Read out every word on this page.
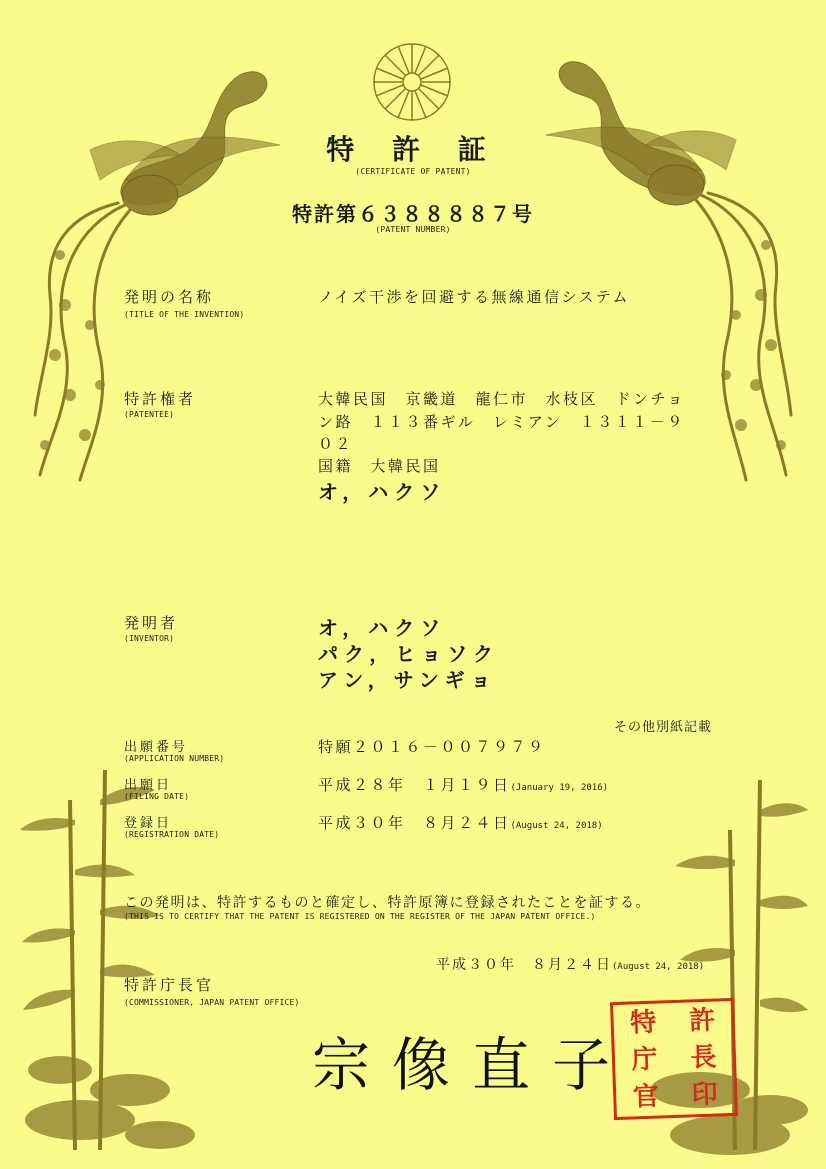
特 許 証
(CERTIFICATE OF PATENT)
特許第６３８８８８７号
(PATENT NUMBER)
発明の名称
(TITLE OF THE INVENTION)
ノイズ干渉を回避する無線通信システム
特許権者
(PATENTEE)
大韓民国　京畿道　龍仁市　水枝区　ドンチョ
ン路　１１３番ギル　レミアン　１３１１－９
０２
国籍　大韓民国
オ，ハクソ
発明者
(INVENTOR)	オ，ハクソ
パク，ヒョソク
アン，サンギョ
その他別紙記載
出願番号
(APPLICATION NUMBER)
特願２０１６－００７９７９
出願日
(FILING DATE)
平成２８年　１月１９日(January 19, 2016)
登録日
(REGISTRATION DATE)
平成３０年　８月２４日(August 24, 2018)
この発明は、特許するものと確定し、特許原簿に登録されたことを証する。
(THIS IS TO CERTIFY THAT THE PATENT IS REGISTERED ON THE REGISTER OF THE JAPAN PATENT OFFICE.)
平成３０年　８月２４日(August 24, 2018)
特許庁長官
(COMMISSIONER, JAPAN PATENT OFFICE)
特	許
庁	長
官	印
宗像直子
